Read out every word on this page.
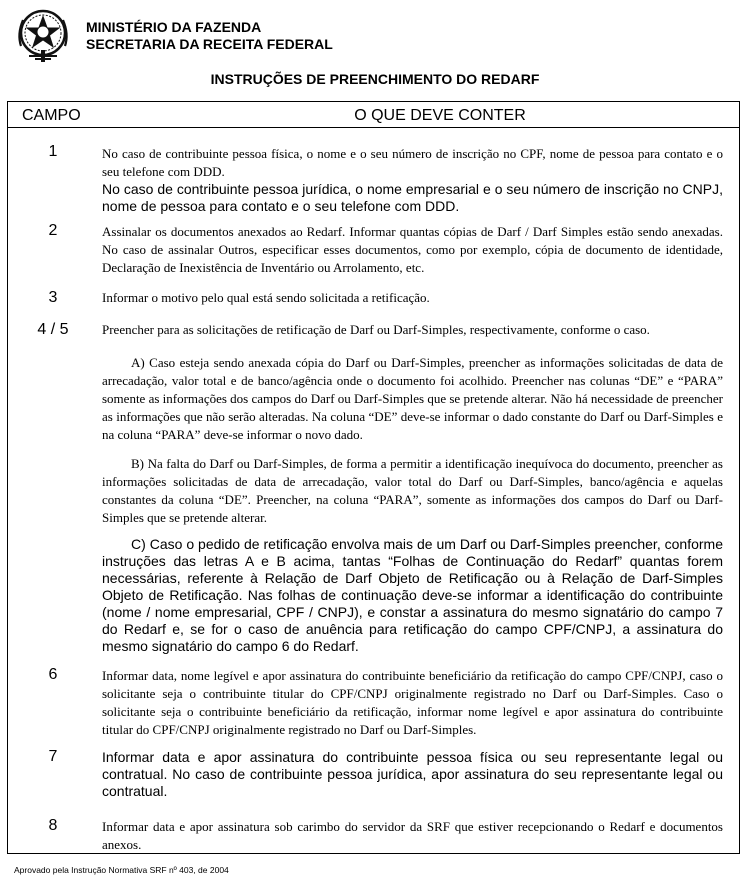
MINISTÉRIO DA FAZENDA
SECRETARIA DA RECEITA FEDERAL
INSTRUÇÕES DE PREENCHIMENTO DO REDARF
CAMPO	O QUE DEVE CONTER
1	No caso de contribuinte pessoa física, o nome e o seu número de inscrição no CPF, nome de pessoa para contato e o seu telefone com DDD.

No caso de contribuinte pessoa jurídica, o nome empresarial e o seu número de inscrição no CNPJ, nome de pessoa para contato e o seu telefone com DDD.

2	Assinalar os documentos anexados ao Redarf. Informar quantas cópias de Darf / Darf Simples estão sendo anexadas. No caso de assinalar Outros, especificar esses documentos, como por exemplo, cópia de documento de identidade, Declaração de Inexistência de Inventário ou Arrolamento, etc.

3	Informar o motivo pelo qual está sendo solicitada a retificação.

4 / 5	Preencher para as solicitações de retificação de Darf ou Darf-Simples, respectivamente, conforme o caso.

A) Caso esteja sendo anexada cópia do Darf ou Darf-Simples, preencher as informações solicitadas de data de arrecadação, valor total e de banco/agência onde o documento foi acolhido. Preencher nas colunas “DE” e “PARA” somente as informações dos campos do Darf ou Darf-Simples que se pretende alterar. Não há necessidade de preencher as informações que não serão alteradas. Na coluna “DE” deve-se informar o dado constante do Darf ou Darf-Simples e na coluna “PARA” deve-se informar o novo dado.

B) Na falta do Darf ou Darf-Simples, de forma a permitir a identificação inequívoca do documento, preencher as informações solicitadas de data de arrecadação, valor total do Darf ou Darf-Simples, banco/agência e aquelas constantes da coluna “DE”. Preencher, na coluna “PARA”, somente as informações dos campos do Darf ou Darf-Simples que se pretende alterar.

C) Caso o pedido de retificação envolva mais de um Darf ou Darf-Simples preencher, conforme instruções das letras A e B acima, tantas “Folhas de Continuação do Redarf” quantas forem necessárias, referente à Relação de Darf Objeto de Retificação ou à Relação de Darf-Simples Objeto de Retificação. Nas folhas de continuação deve-se informar a identificação do contribuinte (nome / nome empresarial, CPF / CNPJ), e constar a assinatura do mesmo signatário do campo 7 do Redarf e, se for o caso de anuência para retificação do campo CPF/CNPJ, a assinatura do mesmo signatário do campo 6 do Redarf.

6	Informar data, nome legível e apor assinatura do contribuinte beneficiário da retificação do campo CPF/CNPJ, caso o solicitante seja o contribuinte titular do CPF/CNPJ originalmente registrado no Darf ou Darf-Simples. Caso o solicitante seja o contribuinte beneficiário da retificação, informar nome legível e apor assinatura do contribuinte titular do CPF/CNPJ originalmente registrado no Darf ou Darf-Simples.

7	Informar data e apor assinatura do contribuinte pessoa física ou seu representante legal ou contratual. No caso de contribuinte pessoa jurídica, apor assinatura do seu representante legal ou contratual.

8	Informar data e apor assinatura sob carimbo do servidor da SRF que estiver recepcionando o Redarf e documentos anexos.

Aprovado pela Instrução Normativa SRF nº 403, de 2004
